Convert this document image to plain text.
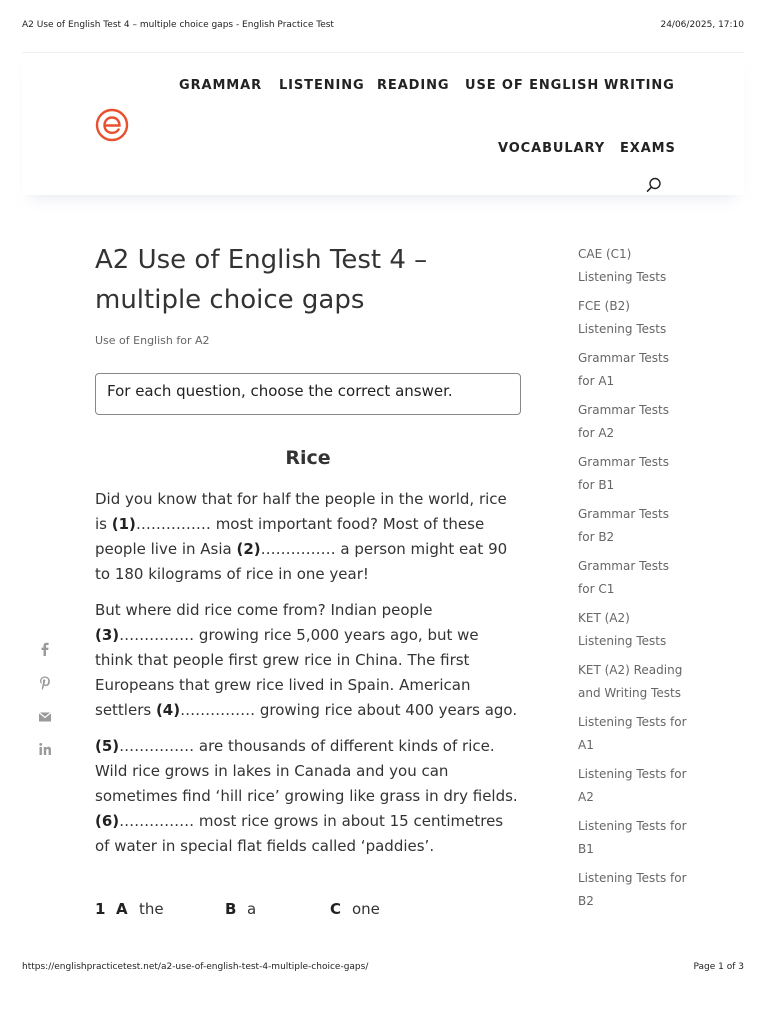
A2 Use of English Test 4 – multiple choice gaps - English Practice Test	24/06/2025, 17:10
GRAMMAR LISTENING READING USE OF ENGLISH WRITING
VOCABULARY EXAMS
A2 Use of English Test 4 – multiple choice gaps
Use of English for A2
For each question, choose the correct answer.
Rice

Did you know that for half the people in the world, rice is (1)…………… most important food? Most of these people live in Asia (2)…………… a person might eat 90 to 180 kilograms of rice in one year!

But where did rice come from? Indian people (3)…………… growing rice 5,000 years ago, but we think that people first grew rice in China. The first Europeans that grew rice lived in Spain. American settlers (4)…………… growing rice about 400 years ago.

(5)…………… are thousands of different kinds of rice. Wild rice grows in lakes in Canada and you can sometimes find ‘hill rice’ growing like grass in dry fields. (6)…………… most rice grows in about 15 centimetres of water in special flat fields called ‘paddies’.

1 A the	B a	C one
CAE (C1) Listening Tests
FCE (B2) Listening Tests
Grammar Tests for A1
Grammar Tests for A2
Grammar Tests for B1
Grammar Tests for B2
Grammar Tests for C1
KET (A2) Listening Tests
KET (A2) Reading and Writing Tests
Listening Tests for A1
Listening Tests for A2
Listening Tests for B1
Listening Tests for B2
https://englishpracticetest.net/a2-use-of-english-test-4-multiple-choice-gaps/	Page 1 of 3
